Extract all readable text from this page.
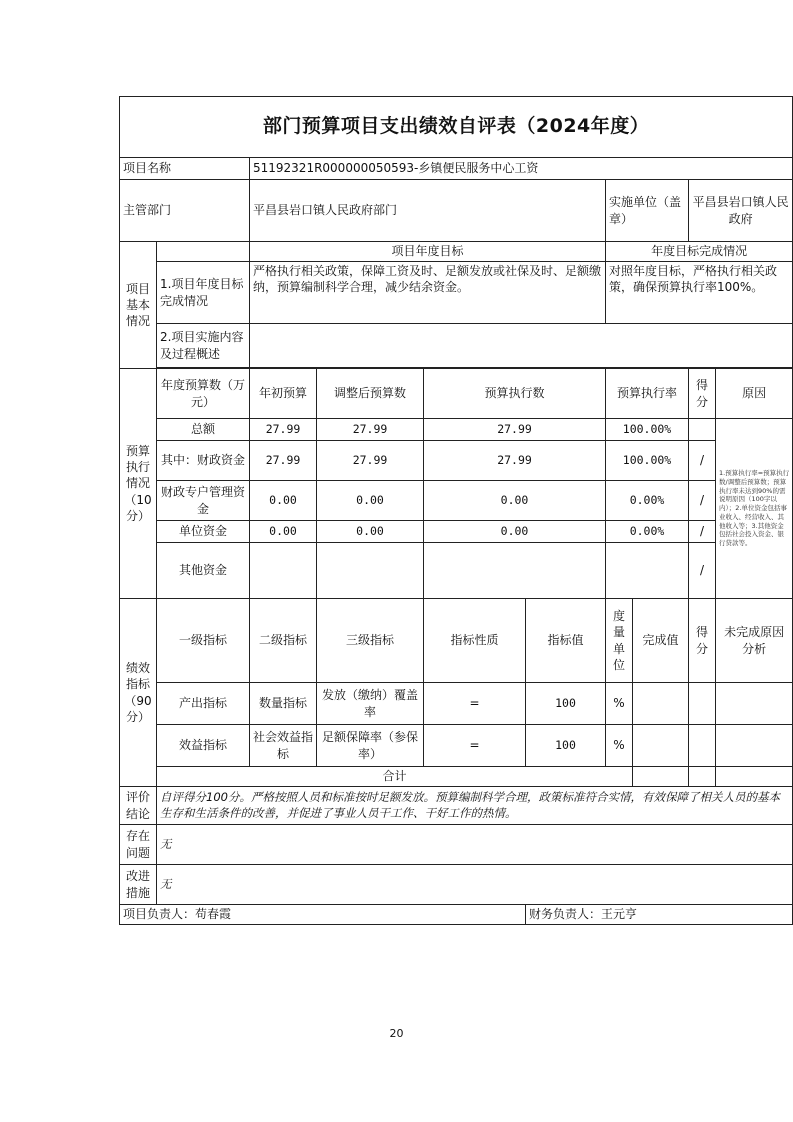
部门预算项目支出绩效自评表（2024年度）									
项目名称		51192321R000000050593-乡镇便民服务中心工资							
主管部门		平昌县岩口镇人民政府部门				实施单位（盖章）		平昌县岩口镇人民政府	
项目基本情况		项目年度目标				年度目标完成情况			
	1.项目年度目标完成情况	严格执行相关政策，保障工资及时、足额发放或社保及时、足额缴纳，预算编制科学合理，减少结余资金。				对照年度目标，严格执行相关政策，确保预算执行率100%。			
	2.项目实施内容及过程概述								

预算执行情况（10分）	年度预算数（万元）	年初预算	调整后预算数	预算执行数		预算执行率		得分	原因
	总额	27.99	27.99	27.99		100.00%			1.预算执行率=预算执行数/调整后预算数；预算执行率未达到90%的需说明原因（100字以内）；2.单位资金包括事业收入、经营收入、其他收入等；3.其他资金包括社会投入资金、银行贷款等。
	其中：财政资金	27.99	27.99	27.99		100.00%		/	
	财政专户管理资金	0.00	0.00	0.00		0.00%		/	
	单位资金	0.00	0.00	0.00		0.00%		/	
	其他资金							/	
绩效指标（90分）	一级指标	二级指标	三级指标	指标性质	指标值	度量单位	完成值	得分	未完成原因分析
	产出指标	数量指标	发放（缴纳）覆盖率	=	100	%			
	效益指标	社会效益指标	足额保障率（参保率）	=	100	%			
	合计								
评价结论	自评得分100分。严格按照人员和标准按时足额发放。预算编制科学合理，政策标准符合实情，有效保障了相关人员的基本生存和生活条件的改善，并促进了事业人员干工作、干好工作的热情。								
存在问题	无								
改进措施	无								
项目负责人：苟春霞					财务负责人：王元亨				
20
